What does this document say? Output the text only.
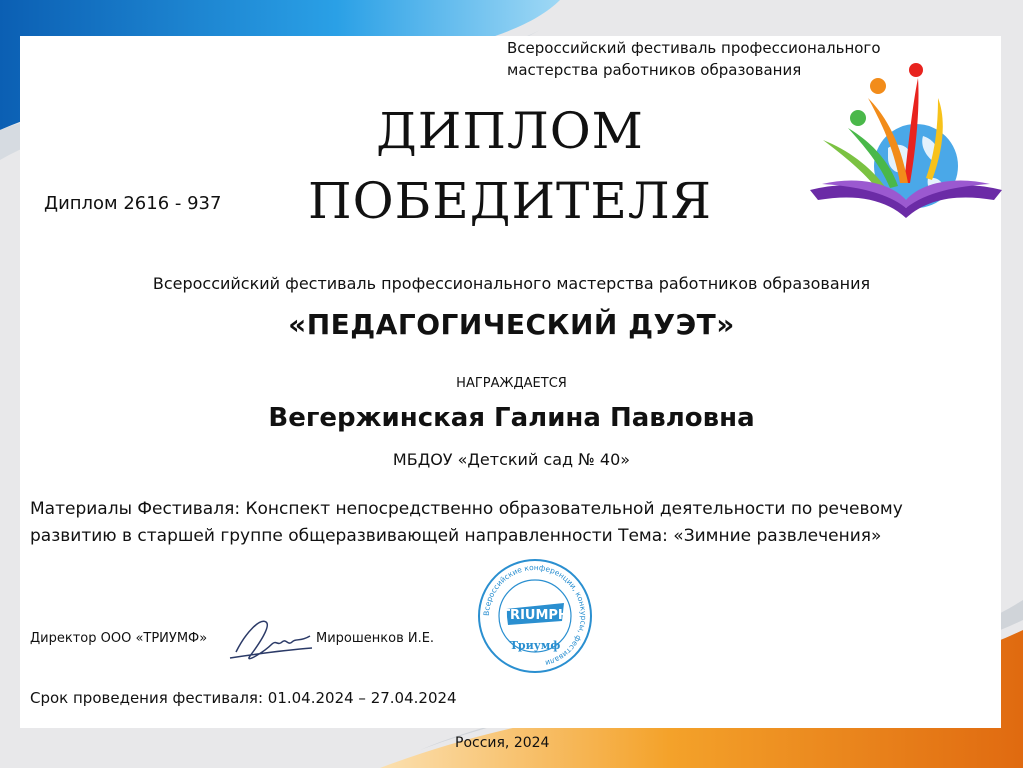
Всероссийский фестиваль профессионального
мастерства работников образования
ДИПЛОМ
ПОБЕДИТЕЛЯ
Диплом 2616 - 937
Всероссийский фестиваль профессионального мастерства работников образования
«ПЕДАГОГИЧЕСКИЙ ДУЭТ»
НАГРАЖДАЕТСЯ
Вегержинская Галина Павловна
МБДОУ «Детский сад № 40»
Материалы Фестиваля: Конспект непосредственно образовательной деятельности по речевому
развитию в старшей группе общеразвивающей направленности Тема: «Зимние развлечения»
Всероссийские конференции, конкурсы, фестивали
TRIUMPH
Триумф
Директор ООО «ТРИУМФ»	Мирошенков И.Е.
Срок проведения фестиваля: 01.04.2024 – 27.04.2024
Россия, 2024
